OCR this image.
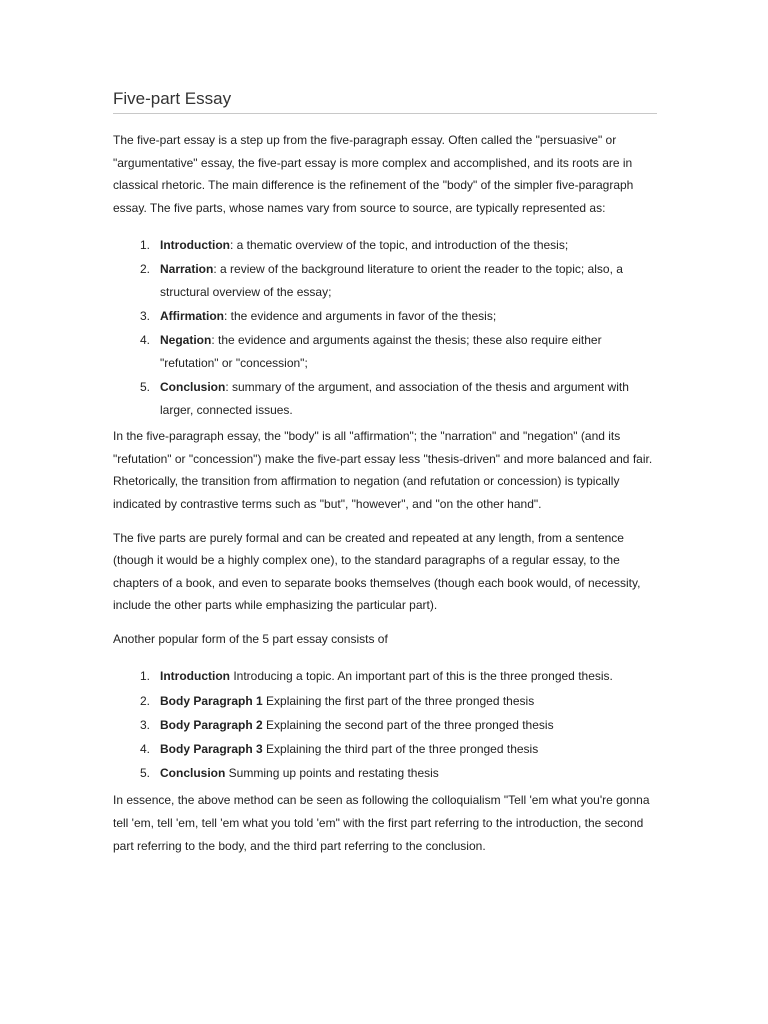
Five-part Essay

The five-part essay is a step up from the five-paragraph essay. Often called the "persuasive" or "argumentative" essay, the five-part essay is more complex and accomplished, and its roots are in classical rhetoric. The main difference is the refinement of the "body" of the simpler five-paragraph essay. The five parts, whose names vary from source to source, are typically represented as:

1. Introduction: a thematic overview of the topic, and introduction of the thesis;
2. Narration: a review of the background literature to orient the reader to the topic; also, a structural overview of the essay;
3. Affirmation: the evidence and arguments in favor of the thesis;
4. Negation: the evidence and arguments against the thesis; these also require either "refutation" or "concession";
5. Conclusion: summary of the argument, and association of the thesis and argument with larger, connected issues.

In the five-paragraph essay, the "body" is all "affirmation"; the "narration" and "negation" (and its "refutation" or "concession") make the five-part essay less "thesis-driven" and more balanced and fair. Rhetorically, the transition from affirmation to negation (and refutation or concession) is typically indicated by contrastive terms such as "but", "however", and "on the other hand".

The five parts are purely formal and can be created and repeated at any length, from a sentence (though it would be a highly complex one), to the standard paragraphs of a regular essay, to the chapters of a book, and even to separate books themselves (though each book would, of necessity, include the other parts while emphasizing the particular part).

Another popular form of the 5 part essay consists of

1. Introduction Introducing a topic. An important part of this is the three pronged thesis.
2. Body Paragraph 1 Explaining the first part of the three pronged thesis
3. Body Paragraph 2 Explaining the second part of the three pronged thesis
4. Body Paragraph 3 Explaining the third part of the three pronged thesis
5. Conclusion Summing up points and restating thesis

In essence, the above method can be seen as following the colloquialism "Tell 'em what you're gonna tell 'em, tell 'em, tell 'em what you told 'em" with the first part referring to the introduction, the second part referring to the body, and the third part referring to the conclusion.
